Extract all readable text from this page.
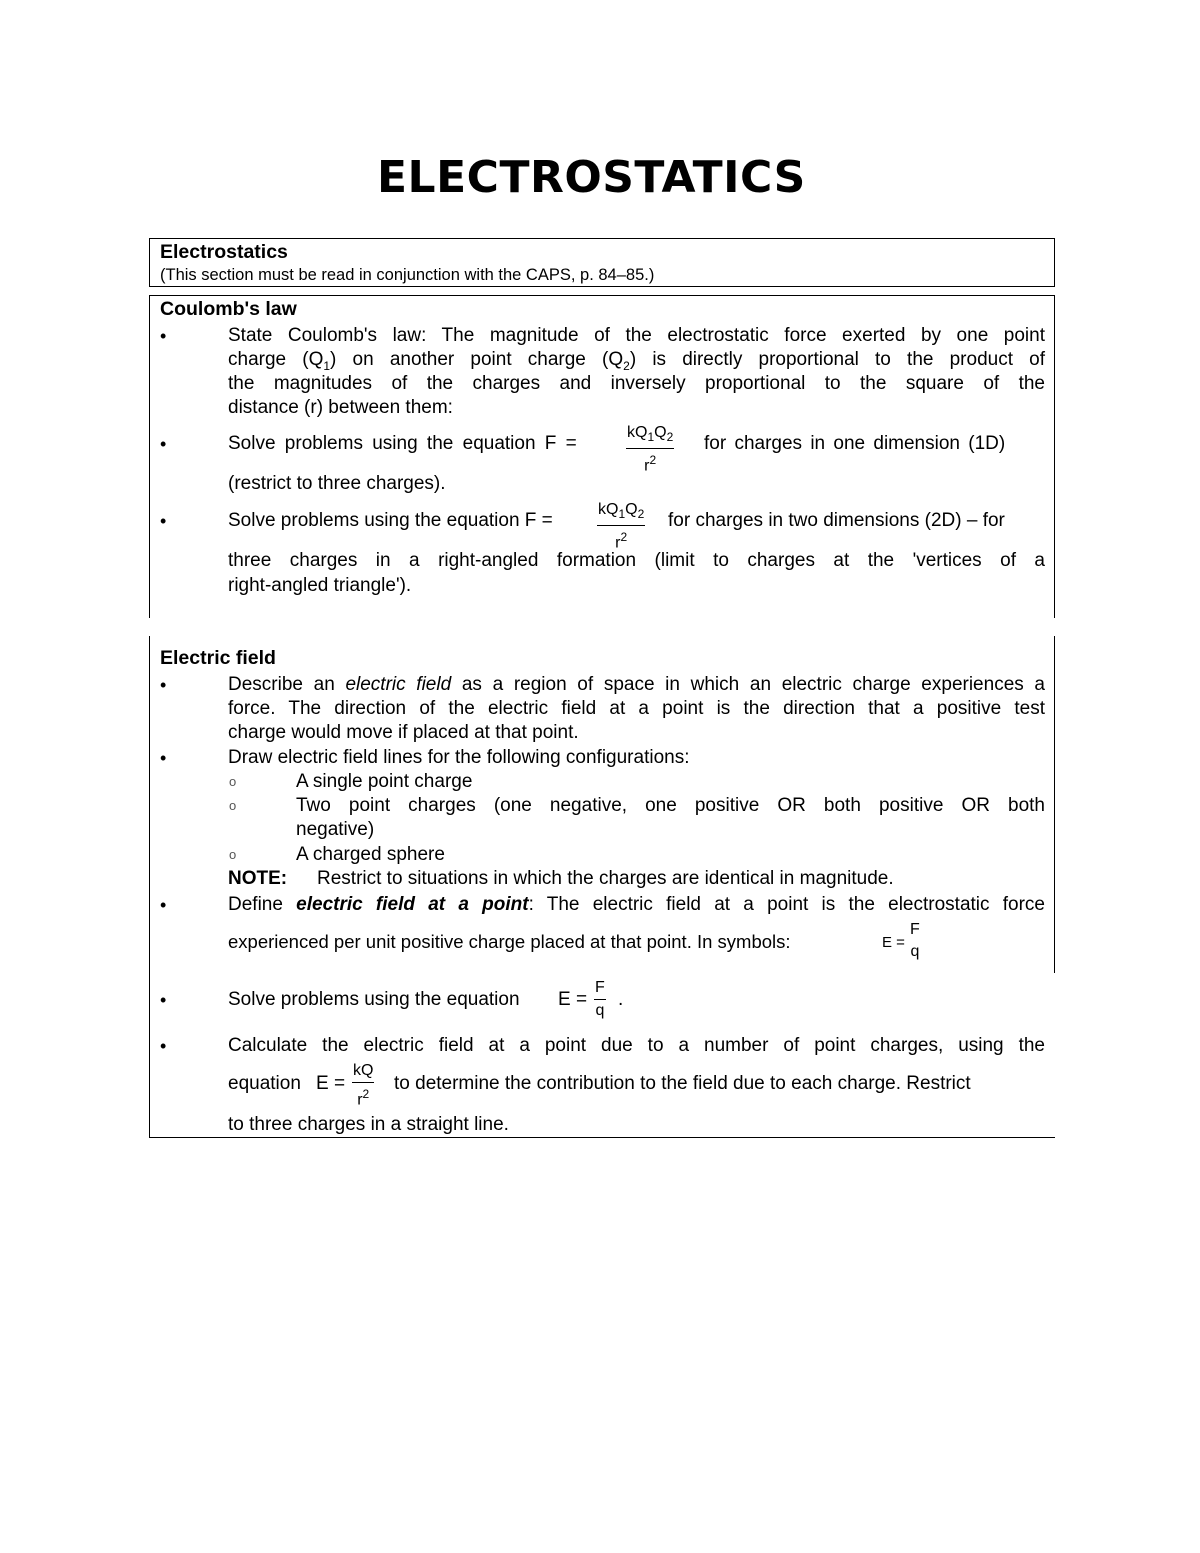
ELECTROSTATICS
Electrostatics
(This section must be read in conjunction with the CAPS, p. 84–85.)
Coulomb's law
•	State Coulomb's law: The magnitude of the electrostatic force exerted by one point
charge $(Q_1)$ on another point charge $(Q_2)$ is directly proportional to the product of
the magnitudes of the charges and inversely proportional to the square of the
distance (r) between them:
•	Solve problems using the equation F =	$\frac{kQ_1Q_2}{r^2}$ for charges in one dimension (1D)
(restrict to three charges).
•	Solve problems using the equation F =	$\frac{kQ_1Q_2}{r^2}$ for charges in two dimensions (2D) – for
three charges in a right-angled formation (limit to charges at the 'vertices of a
right-angled triangle').
Electric field
•	Describe an electric field as a region of space in which an electric charge experiences a
force. The direction of the electric field at a point is the direction that a positive test
charge would move if placed at that point.
•	Draw electric field lines for the following configurations:
o	A single point charge
o	Two point charges (one negative, one positive OR both positive OR both
negative)
o	A charged sphere
NOTE: Restrict to situations in which the charges are identical in magnitude.
•	Define electric field at a point: The electric field at a point is the electrostatic force
experienced per unit positive charge placed at that point. In symbols:	E =
F
q
•	Solve problems using the equation $E = \frac{F}{q}$ .
•	Calculate the electric field at a point due to a number of point charges, using the
equation $E = \frac{kQ}{r^2}$ to determine the contribution to the field due to each charge. Restrict
to three charges in a straight line.
